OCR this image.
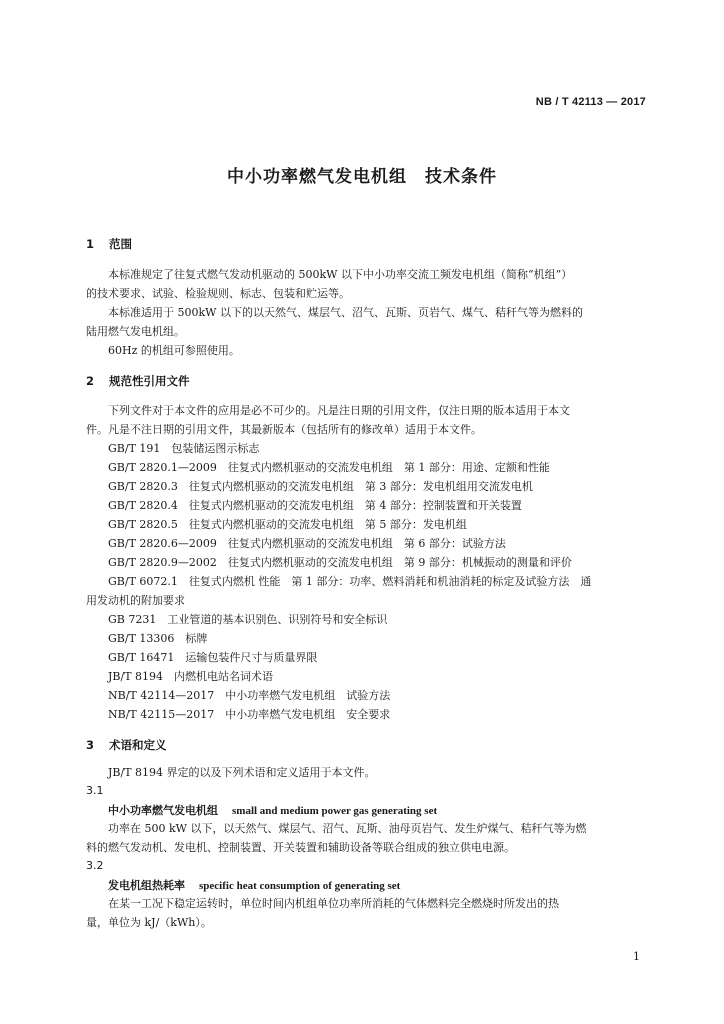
NB / T 42113 — 2017
中小功率燃气发电机组　技术条件
1 范围
本标准规定了往复式燃气发动机驱动的 500kW 以下中小功率交流工频发电机组（简称“机组”）
的技术要求、试验、检验规则、标志、包装和贮运等。
本标准适用于 500kW 以下的以天然气、煤层气、沼气、瓦斯、页岩气、煤气、秸秆气等为燃料的
陆用燃气发电机组。
60Hz 的机组可参照使用。
2 规范性引用文件
下列文件对于本文件的应用是必不可少的。凡是注日期的引用文件，仅注日期的版本适用于本文
件。凡是不注日期的引用文件，其最新版本（包括所有的修改单）适用于本文件。
GB/T 191　包装储运图示标志
GB/T 2820.1—2009　往复式内燃机驱动的交流发电机组　第 1 部分：用途、定额和性能
GB/T 2820.3　往复式内燃机驱动的交流发电机组　第 3 部分：发电机组用交流发电机
GB/T 2820.4　往复式内燃机驱动的交流发电机组　第 4 部分：控制装置和开关装置
GB/T 2820.5　往复式内燃机驱动的交流发电机组　第 5 部分：发电机组
GB/T 2820.6—2009　往复式内燃机驱动的交流发电机组　第 6 部分：试验方法
GB/T 2820.9—2002　往复式内燃机驱动的交流发电机组　第 9 部分：机械振动的测量和评价
GB/T 6072.1　往复式内燃机 性能　第 1 部分：功率、燃料消耗和机油消耗的标定及试验方法　通
用发动机的附加要求
GB 7231　工业管道的基本识别色、识别符号和安全标识
GB/T 13306　标牌
GB/T 16471　运输包装件尺寸与质量界限
JB/T 8194　内燃机电站名词术语
NB/T 42114—2017　中小功率燃气发电机组　试验方法
NB/T 42115—2017　中小功率燃气发电机组　安全要求
3 术语和定义
JB/T 8194 界定的以及下列术语和定义适用于本文件。
3.1
中小功率燃气发电机组 small and medium power gas generating set
功率在 500 kW 以下，以天然气、煤层气、沼气、瓦斯、油母页岩气、发生炉煤气、秸秆气等为燃
料的燃气发动机、发电机、控制装置、开关装置和辅助设备等联合组成的独立供电电源。
3.2
发电机组热耗率 specific heat consumption of generating set
在某一工况下稳定运转时，单位时间内机组单位功率所消耗的气体燃料完全燃烧时所发出的热
量，单位为 kJ/（kWh）。
1
